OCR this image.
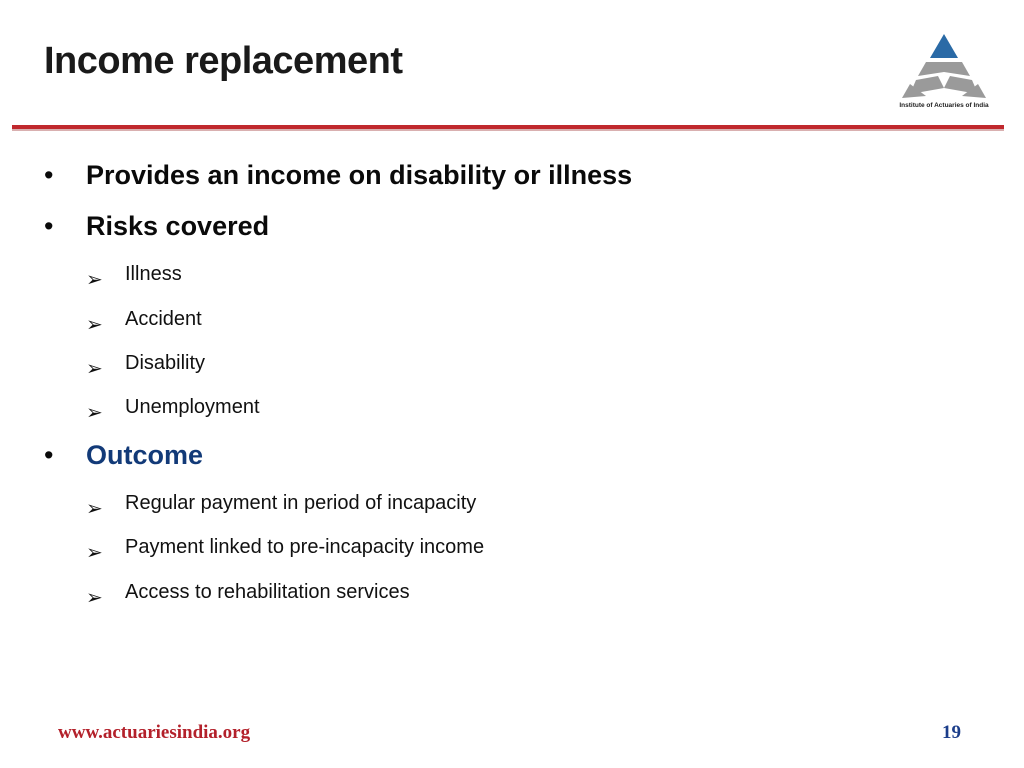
Income replacement
Institute of Actuaries of India
• Provides an income on disability or illness
• Risks covered
➢ Illness
➢ Accident
➢ Disability
➢ Unemployment
• Outcome
➢ Regular payment in period of incapacity
➢ Payment linked to pre-incapacity income
➢ Access to rehabilitation services
www.actuariesindia.org	19
